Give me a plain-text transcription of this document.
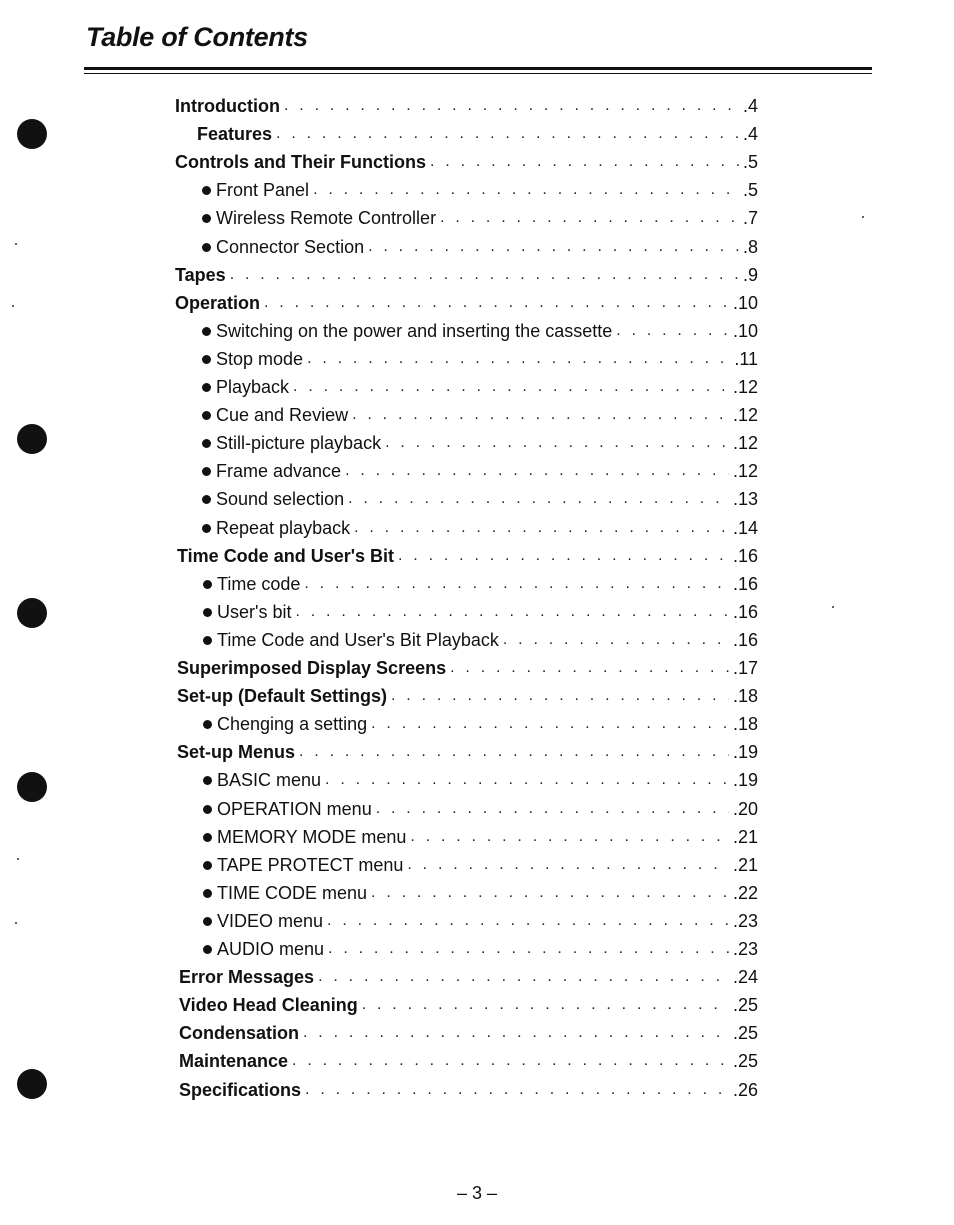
Table of Contents
Introduction . . .	.4
Features . . .	.4
Controls and Their Functions . . .	.5
Front Panel . . .	.5
Wireless Remote Controller . . .	.7
Connector Section . . .	.8
Tapes . . .	.9
Operation . . .	.10
Switching on the power and inserting the cassette . . .	.10
Stop mode . . .	.11
Playback . . .	.12
Cue and Review . . .	.12
Still-picture playback . . .	.12
Frame advance . . .	.12
Sound selection . . .	.13
Repeat playback . . .	.14
Time Code and User's Bit . . .	.16
Time code . . .	.16
User's bit . . .	.16
Time Code and User's Bit Playback . . .	.16
Superimposed Display Screens . . .	.17
Set-up (Default Settings) . . .	.18
Chenging a setting . . .	.18
Set-up Menus . . .	.19
BASIC menu . . .	.19
OPERATION menu . . .	.20
MEMORY MODE menu . . .	.21
TAPE PROTECT menu . . .	.21
TIME CODE menu . . .	.22
VIDEO menu . . .	.23
AUDIO menu . . .	.23
Error Messages . . .	.24
Video Head Cleaning . . .	.25
Condensation . . .	.25
Maintenance . . .	.25
Specifications . . .	.26
– 3 –
